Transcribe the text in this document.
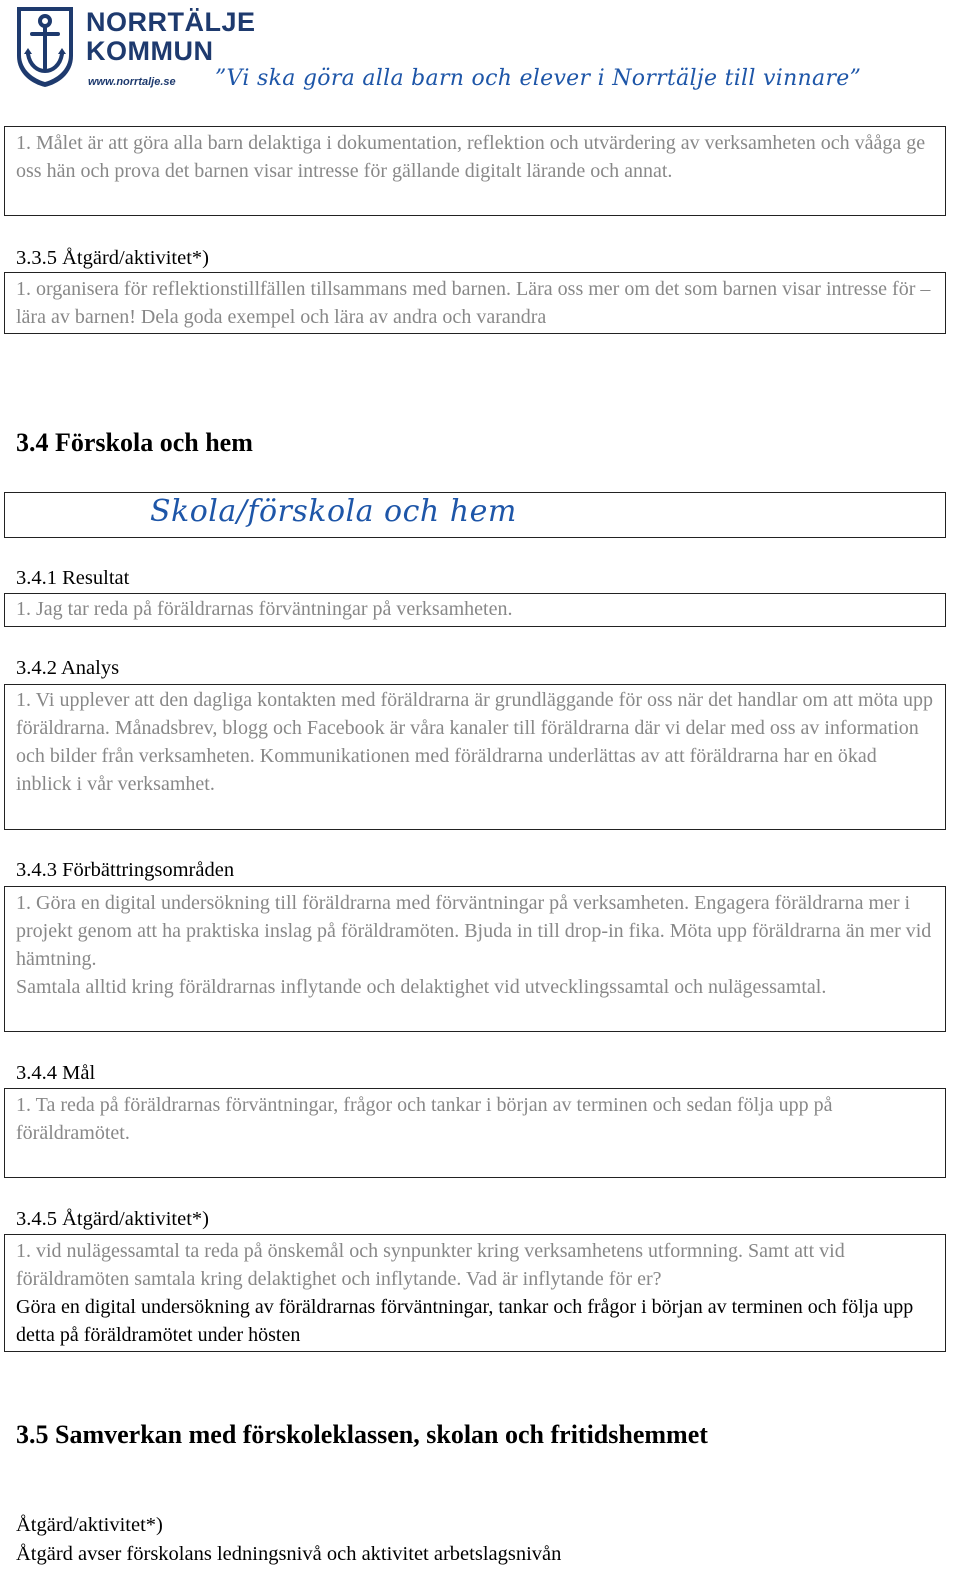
NORRTÄLJE
KOMMUN
www.norrtalje.se ”Vi ska göra alla barn och elever i Norrtälje till vinnare”
1. Målet är att göra alla barn delaktiga i dokumentation, reflektion och utvärdering av verksamheten och vååga ge oss hän och prova det barnen visar intresse för gällande digitalt lärande och annat.
3.3.5 Åtgärd/aktivitet*)
1. organisera för reflektionstillfällen tillsammans med barnen. Lära oss mer om det som barnen visar intresse för – lära av barnen! Dela goda exempel och lära av andra och varandra
3.4 Förskola och hem
Skola/förskola och hem
3.4.1 Resultat
1. Jag tar reda på föräldrarnas förväntningar på verksamheten.
3.4.2 Analys
1. Vi upplever att den dagliga kontakten med föräldrarna är grundläggande för oss när det handlar om att möta upp föräldrarna. Månadsbrev, blogg och Facebook är våra kanaler till föräldrarna där vi delar med oss av information och bilder från verksamheten. Kommunikationen med föräldrarna underlättas av att föräldrarna har en ökad inblick i vår verksamhet.
3.4.3 Förbättringsområden
1. Göra en digital undersökning till föräldrarna med förväntningar på verksamheten. Engagera föräldrarna mer i projekt genom att ha praktiska inslag på föräldramöten. Bjuda in till drop-in fika. Möta upp föräldrarna än mer vid hämtning.
Samtala alltid kring föräldrarnas inflytande och delaktighet vid utvecklingssamtal och nulägessamtal.
3.4.4 Mål
1. Ta reda på föräldrarnas förväntningar, frågor och tankar i början av terminen och sedan följa upp på föräldramötet.
3.4.5 Åtgärd/aktivitet*)
1. vid nulägessamtal ta reda på önskemål och synpunkter kring verksamhetens utformning. Samt att vid föräldramöten samtala kring delaktighet och inflytande. Vad är inflytande för er?
Göra en digital undersökning av föräldrarnas förväntningar, tankar och frågor i början av terminen och följa upp detta på föräldramötet under hösten
3.5 Samverkan med förskoleklassen, skolan och fritidshemmet
Åtgärd/aktivitet*)
Åtgärd avser förskolans ledningsnivå och aktivitet arbetslagsnivån
